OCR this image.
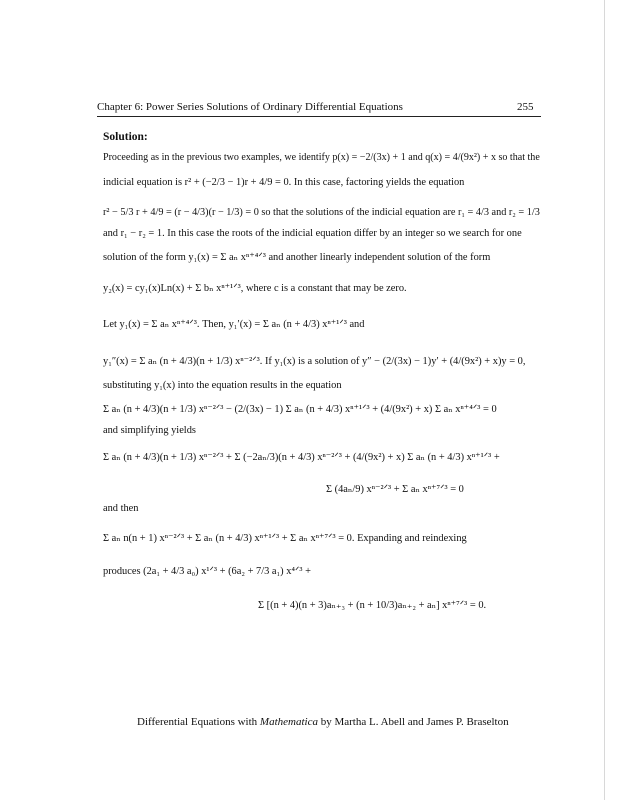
Chapter 6: Power Series Solutions of Ordinary Differential Equations	255
Solution:
Proceeding as in the previous two examples, we identify p(x) = −2/(3x) + 1 and q(x) = 4/(9x²) + x so that the
indicial equation is r² + (−2/3 − 1)r + 4/9 = 0. In this case, factoring yields the equation
r² − 5/3 r + 4/9 = (r − 4/3)(r − 1/3) = 0 so that the solutions of the indicial equation are r₁ = 4/3 and r₂ = 1/3
and r₁ − r₂ = 1. In this case the roots of the indicial equation differ by an integer so we search for one
solution of the form y₁(x) = Σ aₙ xⁿ⁺⁴ᐟ³ and another linearly independent solution of the form
y₂(x) = cy₁(x)Ln(x) + Σ bₙ xⁿ⁺¹ᐟ³, where c is a constant that may be zero.
Let y₁(x) = Σ aₙ xⁿ⁺⁴ᐟ³. Then, y₁′(x) = Σ aₙ (n + 4/3) xⁿ⁺¹ᐟ³ and
y₁″(x) = Σ aₙ (n + 4/3)(n + 1/3) xⁿ⁻²ᐟ³. If y₁(x) is a solution of y″ − (2/(3x) − 1)y′ + (4/(9x²) + x)y = 0,
substituting y₁(x) into the equation results in the equation
Σ aₙ (n + 4/3)(n + 1/3) xⁿ⁻²ᐟ³ − (2/(3x) − 1) Σ aₙ (n + 4/3) xⁿ⁺¹ᐟ³ + (4/(9x²) + x) Σ aₙ xⁿ⁺⁴ᐟ³ = 0
and simplifying yields
Σ aₙ (n + 4/3)(n + 1/3) xⁿ⁻²ᐟ³ + Σ (−2aₙ/3)(n + 4/3) xⁿ⁻²ᐟ³ + (4/(9x²) + x) Σ aₙ (n + 4/3) xⁿ⁺¹ᐟ³ +
Σ (4aₙ/9) xⁿ⁻²ᐟ³ + Σ aₙ xⁿ⁺⁷ᐟ³ = 0
and then
Σ aₙ n(n + 1) xⁿ⁻²ᐟ³ + Σ aₙ (n + 4/3) xⁿ⁺¹ᐟ³ + Σ aₙ xⁿ⁺⁷ᐟ³ = 0. Expanding and reindexing
produces (2a₁ + 4/3 a₀) x¹ᐟ³ + (6a₂ + 7/3 a₁) x⁴ᐟ³ +
Σ [(n + 4)(n + 3)aₙ₊₃ + (n + 10/3)aₙ₊₂ + aₙ] xⁿ⁺⁷ᐟ³ = 0.
Differential Equations with Mathematica by Martha L. Abell and James P. Braselton
